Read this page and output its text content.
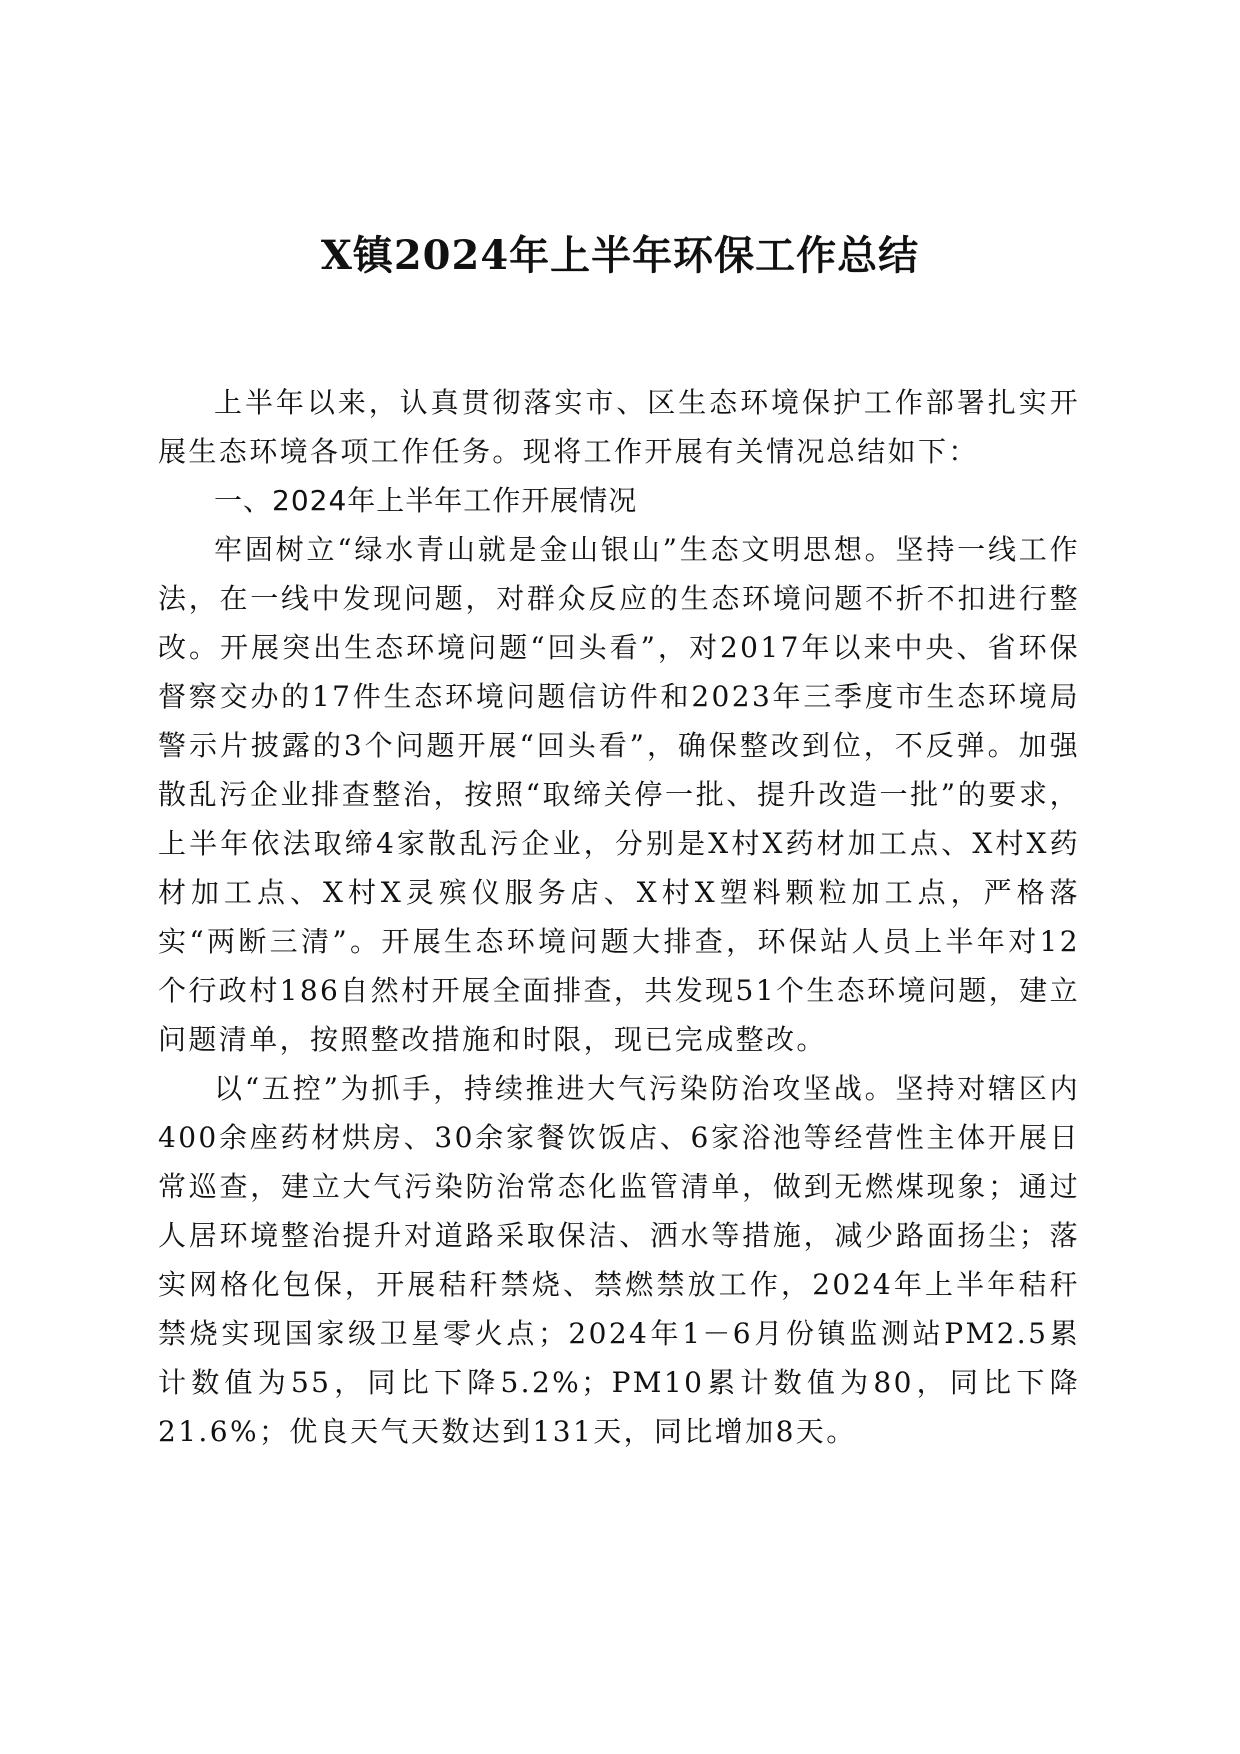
X镇2024年上半年环保工作总结

上半年以来，认真贯彻落实市、区生态环境保护工作部署扎实开展生态环境各项工作任务。现将工作开展有关情况总结如下：

一、2024年上半年工作开展情况

牢固树立“绿水青山就是金山银山”生态文明思想。坚持一线工作法，在一线中发现问题，对群众反应的生态环境问题不折不扣进行整改。开展突出生态环境问题“回头看”，对2017年以来中央、省环保督察交办的17件生态环境问题信访件和2023年三季度市生态环境局警示片披露的3个问题开展“回头看”，确保整改到位，不反弹。加强散乱污企业排查整治，按照“取缔关停一批、提升改造一批”的要求，上半年依法取缔4家散乱污企业，分别是X村X药材加工点、X村X药材加工点、X村X灵殡仪服务店、X村X塑料颗粒加工点，严格落实“两断三清”。开展生态环境问题大排查，环保站人员上半年对12个行政村186自然村开展全面排查，共发现51个生态环境问题，建立问题清单，按照整改措施和时限，现已完成整改。

以“五控”为抓手，持续推进大气污染防治攻坚战。坚持对辖区内400余座药材烘房、30余家餐饮饭店、6家浴池等经营性主体开展日常巡查，建立大气污染防治常态化监管清单，做到无燃煤现象；通过人居环境整治提升对道路采取保洁、洒水等措施，减少路面扬尘；落实网格化包保，开展秸秆禁烧、禁燃禁放工作，2024年上半年秸秆禁烧实现国家级卫星零火点；2024年1－6月份镇监测站PM2.5累计数值为55，同比下降5.2%；PM10累计数值为80，同比下降21.6%；优良天气天数达到131天，同比增加8天。
